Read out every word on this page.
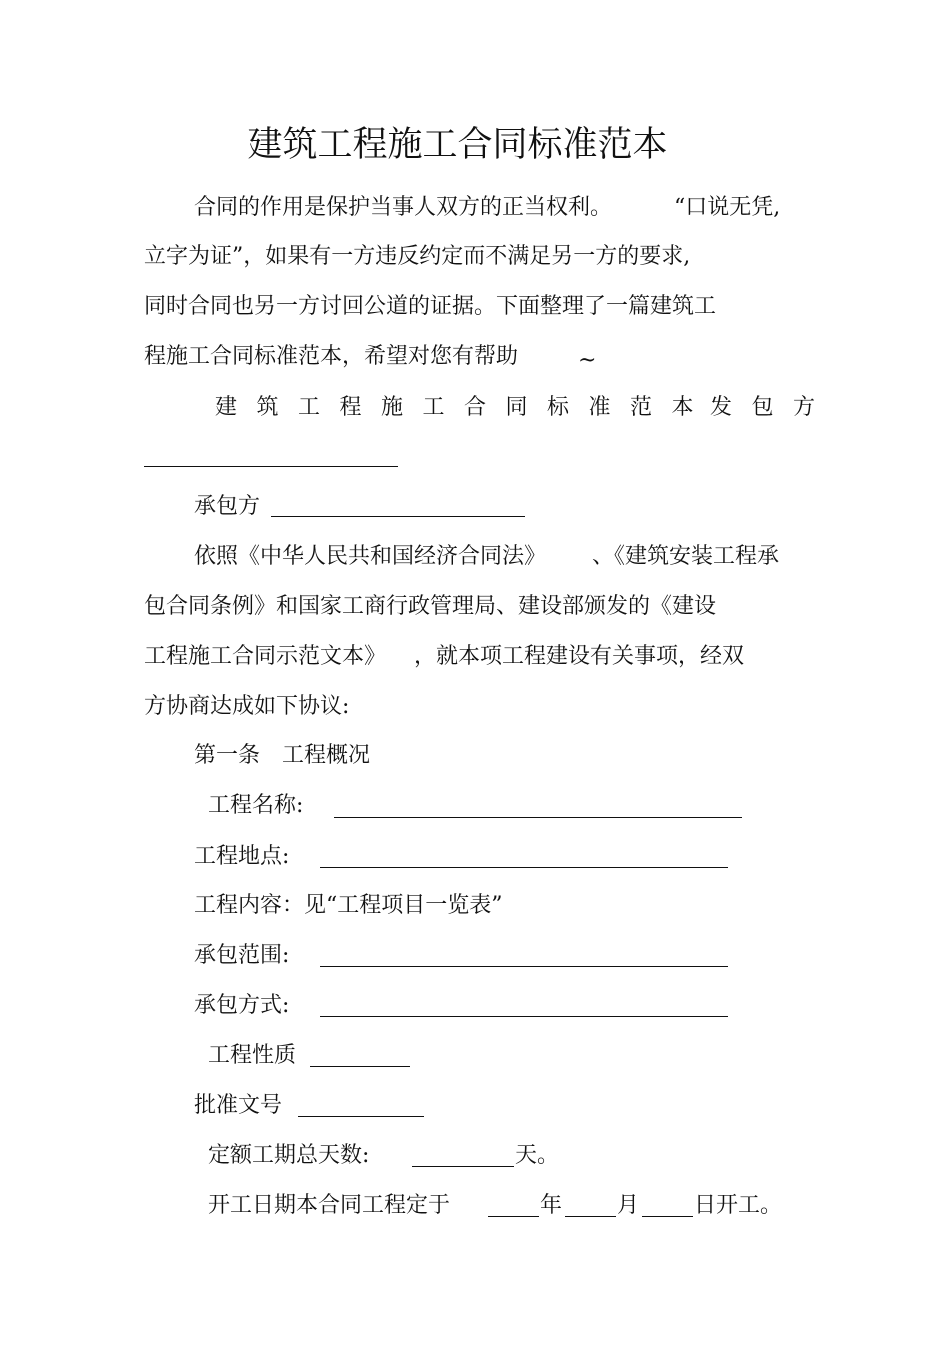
建筑工程施工合同标准范本
合同的作用是保护当事人双方的正当权利。	“口说无凭,
立字为证”，如果有一方违反约定而不满足另一方的要求,
同时合同也另一方讨回公道的证据。下面整理了一篇建筑工
程施工合同标准范本，希望对您有帮助	~
建筑工程施工合同标准范本
发包方
承包方
依照《中华人民共和国经济合同法》 、《建筑安装工程承
包合同条例》和国家工商行政管理局、建设部颁发的《建设
工程施工合同示范文本》 ，就本项工程建设有关事项，经双
方协商达成如下协议:
第一条　工程概况
工程名称:
工程地点:
工程内容：见“工程项目一览表”
承包范围:
承包方式:
工程性质
批准文号
定额工期总天数:	天。
开工日期本合同工程定于	年 月 日开工。
